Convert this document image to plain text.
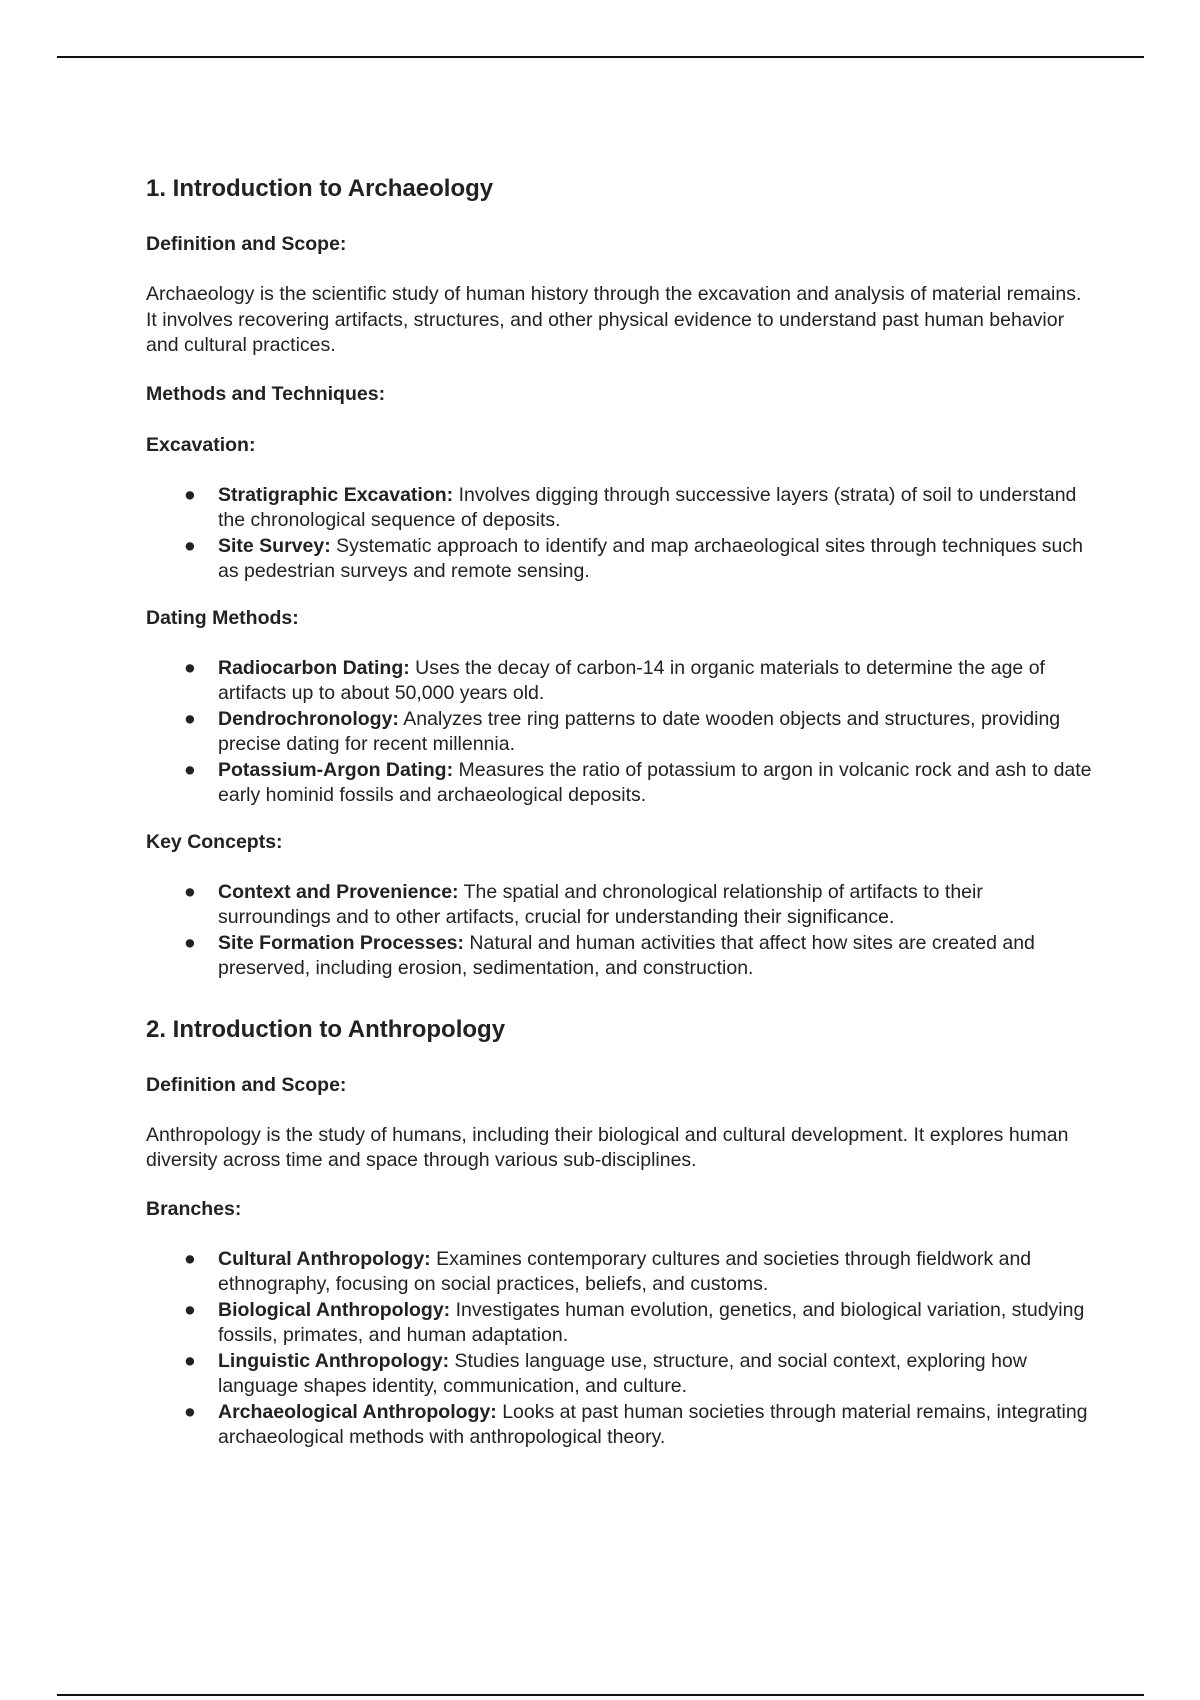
1. Introduction to Archaeology
Definition and Scope:

Archaeology is the scientific study of human history through the excavation and analysis of material remains. It involves recovering artifacts, structures, and other physical evidence to understand past human behavior and cultural practices.

Methods and Techniques:
Excavation:
● Stratigraphic Excavation: Involves digging through successive layers (strata) of soil to understand the chronological sequence of deposits.
● Site Survey: Systematic approach to identify and map archaeological sites through techniques such as pedestrian surveys and remote sensing.
Dating Methods:
● Radiocarbon Dating: Uses the decay of carbon-14 in organic materials to determine the age of artifacts up to about 50,000 years old.
● Dendrochronology: Analyzes tree ring patterns to date wooden objects and structures, providing precise dating for recent millennia.
● Potassium-Argon Dating: Measures the ratio of potassium to argon in volcanic rock and ash to date early hominid fossils and archaeological deposits.
Key Concepts:
● Context and Provenience: The spatial and chronological relationship of artifacts to their surroundings and to other artifacts, crucial for understanding their significance.
● Site Formation Processes: Natural and human activities that affect how sites are created and preserved, including erosion, sedimentation, and construction.
2. Introduction to Anthropology
Definition and Scope:

Anthropology is the study of humans, including their biological and cultural development. It explores human diversity across time and space through various sub-disciplines.

Branches:
● Cultural Anthropology: Examines contemporary cultures and societies through fieldwork and ethnography, focusing on social practices, beliefs, and customs.
● Biological Anthropology: Investigates human evolution, genetics, and biological variation, studying fossils, primates, and human adaptation.
● Linguistic Anthropology: Studies language use, structure, and social context, exploring how language shapes identity, communication, and culture.
● Archaeological Anthropology: Looks at past human societies through material remains, integrating archaeological methods with anthropological theory.
